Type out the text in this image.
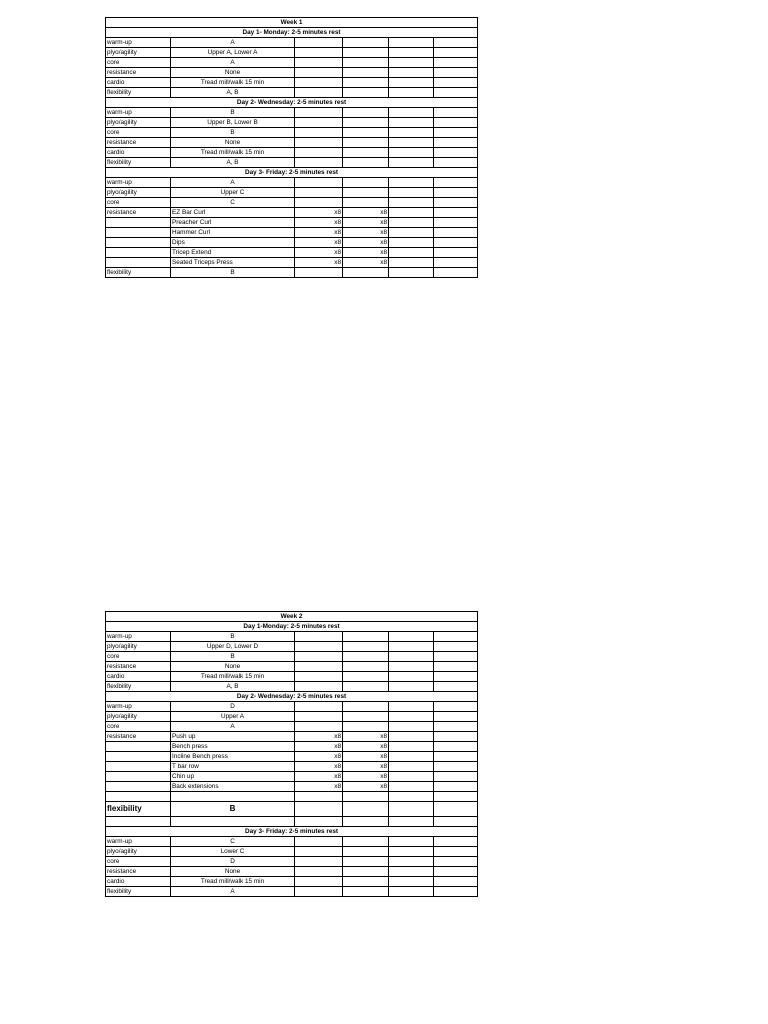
Week 1					
Day 1- Monday: 2-5 minutes rest					
warm-up	A				
plyo/agility	Upper A, Lower A				
core	A				
resistance	None				
cardio	Tread mill/walk 15 min				
flexibility	A, B				
Day 2- Wednesday: 2-5 minutes rest					
warm-up	B				
plyo/agility	Upper B, Lower B				
core	B				
resistance	None				
cardio	Tread mill/walk 15 min				
flexibility	A, B				
Day 3- Friday: 2-5 minutes rest					
warm-up	A				
plyo/agility	Upper C				
core	C				
resistance	EZ Bar Curl	x8	x8		
	Preacher Curl	x8	x8		
	Hammer Curl	x8	x8		
	Dips	x8	x8		
	Tricep Extend	x8	x8		
	Seated Triceps Press	x8	x8		
flexibility	B				
Week 2					
Day 1-Monday: 2-5 minutes rest					
warm-up	B				
plyo/agility	Upper D, Lower D				
core	B				
resistance	None				
cardio	Tread mill/walk 15 min				
flexibility	A, B				
Day 2- Wednesday: 2-5 minutes rest					
warm-up	D				
plyo/agility	Upper A				
core	A				
resistance	Push up	x8	x8		
	Bench press	x8	x8		
	Incline Bench press	x8	x8		
	T bar row	x8	x8		
	Chin up	x8	x8		
	Back extensions	x8	x8		

flexibility	B				

Day 3- Friday: 2-5 minutes rest					
warm-up	C				
plyo/agility	Lower C				
core	D				
resistance	None				
cardio	Tread mill/walk 15 min				
flexibility	A				
